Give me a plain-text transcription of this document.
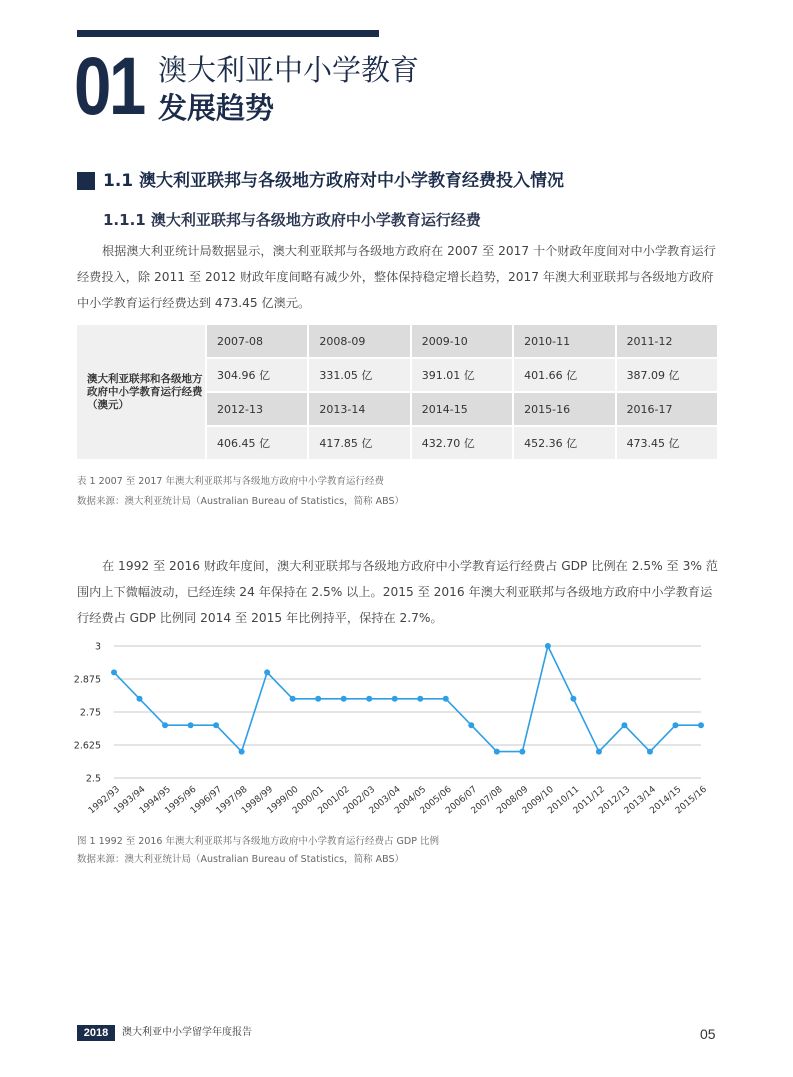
01 澳大利亚中小学教育
发展趋势
1.1 澳大利亚联邦与各级地方政府对中小学教育经费投入情况
1.1.1 澳大利亚联邦与各级地方政府中小学教育运行经费

根据澳大利亚统计局数据显示，澳大利亚联邦与各级地方政府在 2007 至 2017 十个财政年度间对中小学教育运行经费投入，除 2011 至 2012 财政年度间略有减少外，整体保持稳定增长趋势，2017 年澳大利亚联邦与各级地方政府中小学教育运行经费达到 473.45 亿澳元。

澳大利亚联邦和各级地方政府中小学教育运行经费（澳元）	2007-08	2008-09	2009-10	2010-11	2011-12
	304.96 亿	331.05 亿	391.01 亿	401.66 亿	387.09 亿
	2012-13	2013-14	2014-15	2015-16	2016-17
	406.45 亿	417.85 亿	432.70 亿	452.36 亿	473.45 亿
表 1 2007 至 2017 年澳大利亚联邦与各级地方政府中小学教育运行经费
数据来源：澳大利亚统计局（Australian Bureau of Statistics，简称 ABS）

在 1992 至 2016 财政年度间，澳大利亚联邦与各级地方政府中小学教育运行经费占 GDP 比例在 2.5% 至 3% 范围内上下微幅波动，已经连续 24 年保持在 2.5% 以上。2015 至 2016 年澳大利亚联邦与各级地方政府中小学教育运行经费占 GDP 比例同 2014 至 2015 年比例持平，保持在 2.7%。

2.5
2.625
2.75
2.875
3
1992/93
1993/94
1994/95
1995/96
1996/97
1997/98
1998/99
1999/00
2000/01
2001/02
2002/03
2003/04
2004/05
2005/06
2006/07
2007/08
2008/09
2009/10
2010/11
2011/12
2012/13
2013/14
2014/15
2015/16
图 1 1992 至 2016 年澳大利亚联邦与各级地方政府中小学教育运行经费占 GDP 比例
数据来源：澳大利亚统计局（Australian Bureau of Statistics，简称 ABS）
2018	澳大利亚中小学留学年度报告	05
